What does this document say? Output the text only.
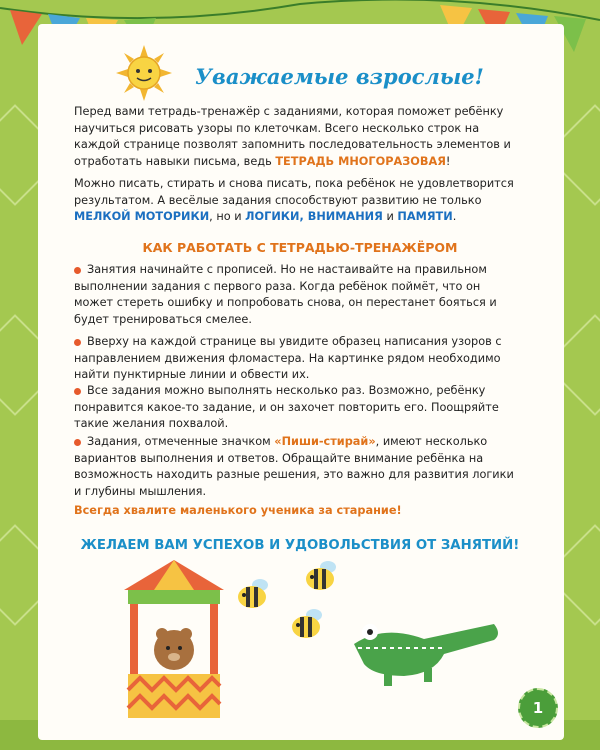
Уважаемые взрослые!

Перед вами тетрадь-тренажёр с заданиями, которая поможет ребёнку научиться рисовать узоры по клеточкам. Всего несколько строк на каждой странице позволят запомнить последовательность элементов и отработать навыки письма, ведь ТЕТРАДЬ МНОГОРАЗОВАЯ!

Можно писать, стирать и снова писать, пока ребёнок не удовлетворится результатом. А весёлые задания способствуют развитию не только МЕЛКОЙ МОТОРИКИ, но и ЛОГИКИ, ВНИМАНИЯ и ПАМЯТИ.

КАК РАБОТАТЬ С ТЕТРАДЬЮ-ТРЕНАЖЁРОМ

Занятия начинайте с прописей. Но не настаивайте на правильном выполнении задания с первого раза. Когда ребёнок поймёт, что он может стереть ошибку и попробовать снова, он перестанет бояться и будет тренироваться смелее.

Вверху на каждой странице вы увидите образец написания узоров с направлением движения фломастера. На картинке рядом необходимо найти пунктирные линии и обвести их.

Все задания можно выполнять несколько раз. Возможно, ребёнку понравится какое-то задание, и он захочет повторить его. Поощряйте такие желания похвалой.

Задания, отмеченные значком «Пиши-стирай», имеют несколько вариантов выполнения и ответов. Обращайте внимание ребёнка на возможность находить разные решения, это важно для развития логики и глубины мышления.

Всегда хвалите маленького ученика за старание!
ЖЕЛАЕМ ВАМ УСПЕХОВ И УДОВОЛЬСТВИЯ ОТ ЗАНЯТИЙ!
1
